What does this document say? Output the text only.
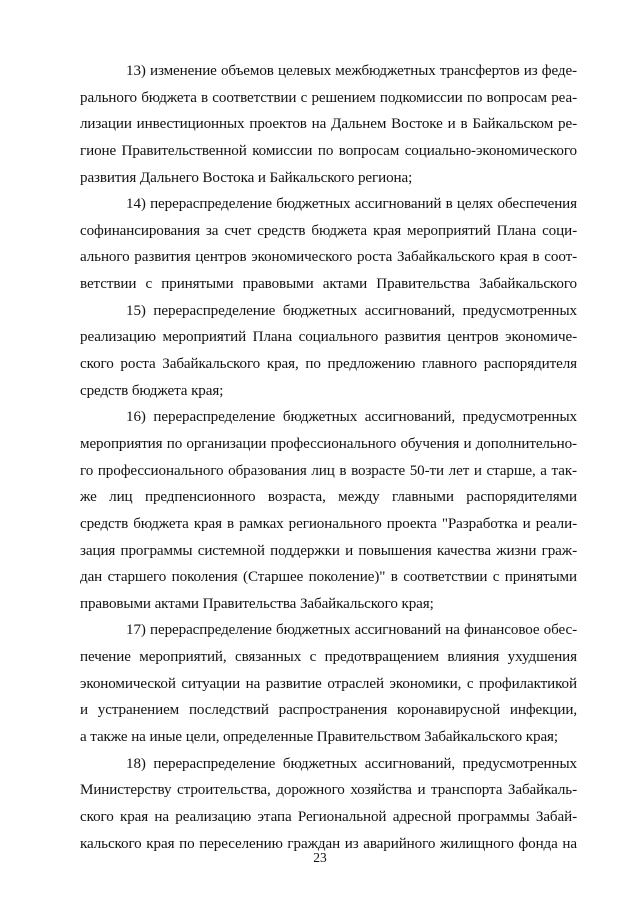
13) изменение объемов целевых межбюджетных трансфертов из феде-
рального бюджета в соответствии с решением подкомиссии по вопросам реа-
лизации инвестиционных проектов на Дальнем Востоке и в Байкальском ре-
гионе Правительственной комиссии по вопросам социально-экономического
развития Дальнего Востока и Байкальского региона;
14) перераспределение бюджетных ассигнований в целях обеспечения
софинансирования за счет средств бюджета края мероприятий Плана соци-
ального развития центров экономического роста Забайкальского края в соот-
ветствии с принятыми правовыми актами Правительства Забайкальского
15) перераспределение бюджетных ассигнований, предусмотренных
реализацию мероприятий Плана социального развития центров экономиче-
ского роста Забайкальского края, по предложению главного распорядителя
средств бюджета края;
16) перераспределение бюджетных ассигнований, предусмотренных
мероприятия по организации профессионального обучения и дополнительно-
го профессионального образования лиц в возрасте 50-ти лет и старше, а так-
же лиц предпенсионного возраста, между главными распорядителями
средств бюджета края в рамках регионального проекта "Разработка и реали-
зация программы системной поддержки и повышения качества жизни граж-
дан старшего поколения (Старшее поколение)" в соответствии с принятыми
правовыми актами Правительства Забайкальского края;
17) перераспределение бюджетных ассигнований на финансовое обес-
печение мероприятий, связанных с предотвращением влияния ухудшения
экономической ситуации на развитие отраслей экономики, с профилактикой
и устранением последствий распространения коронавирусной инфекции,
а также на иные цели, определенные Правительством Забайкальского края;
18) перераспределение бюджетных ассигнований, предусмотренных
Министерству строительства, дорожного хозяйства и транспорта Забайкаль-
ского края на реализацию этапа Региональной адресной программы Забай-
кальского края по переселению граждан из аварийного жилищного фонда на
23
